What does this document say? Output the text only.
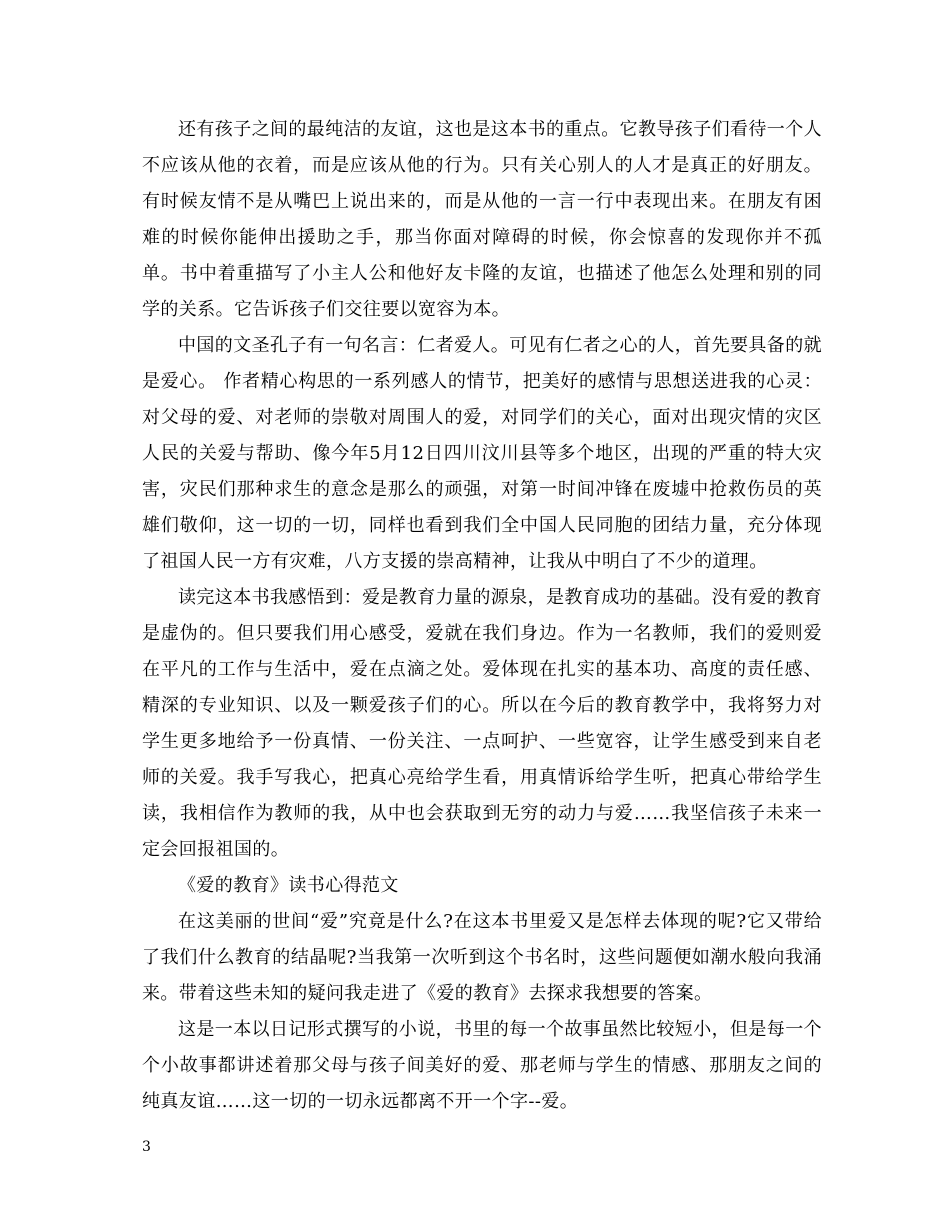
还有孩子之间的最纯洁的友谊，这也是这本书的重点。它教导孩子们看待一个人不应该从他的衣着，而是应该从他的行为。只有关心别人的人才是真正的好朋友。有时候友情不是从嘴巴上说出来的，而是从他的一言一行中表现出来。在朋友有困难的时候你能伸出援助之手，那当你面对障碍的时候，你会惊喜的发现你并不孤单。书中着重描写了小主人公和他好友卡隆的友谊，也描述了他怎么处理和别的同学的关系。它告诉孩子们交往要以宽容为本。

中国的文圣孔子有一句名言：仁者爱人。可见有仁者之心的人，首先要具备的就是爱心。 作者精心构思的一系列感人的情节，把美好的感情与思想送进我的心灵：对父母的爱、对老师的崇敬对周围人的爱，对同学们的关心，面对出现灾情的灾区人民的关爱与帮助、像今年5月12日四川汶川县等多个地区，出现的严重的特大灾害，灾民们那种求生的意念是那么的顽强，对第一时间冲锋在废墟中抢救伤员的英雄们敬仰，这一切的一切，同样也看到我们全中国人民同胞的团结力量，充分体现了祖国人民一方有灾难，八方支援的崇高精神，让我从中明白了不少的道理。

读完这本书我感悟到：爱是教育力量的源泉，是教育成功的基础。没有爱的教育是虚伪的。但只要我们用心感受，爱就在我们身边。作为一名教师，我们的爱则爱在平凡的工作与生活中，爱在点滴之处。爱体现在扎实的基本功、高度的责任感、精深的专业知识、以及一颗爱孩子们的心。所以在今后的教育教学中，我将努力对学生更多地给予一份真情、一份关注、一点呵护、一些宽容，让学生感受到来自老师的关爱。我手写我心，把真心亮给学生看，用真情诉给学生听，把真心带给学生读，我相信作为教师的我，从中也会获取到无穷的动力与爱……我坚信孩子未来一定会回报祖国的。

《爱的教育》读书心得范文

在这美丽的世间“爱”究竟是什么?在这本书里爱又是怎样去体现的呢?它又带给了我们什么教育的结晶呢?当我第一次听到这个书名时，这些问题便如潮水般向我涌来。带着这些未知的疑问我走进了《爱的教育》去探求我想要的答案。

这是一本以日记形式撰写的小说，书里的每一个故事虽然比较短小，但是每一个个小故事都讲述着那父母与孩子间美好的爱、那老师与学生的情感、那朋友之间的纯真友谊……这一切的一切永远都离不开一个字--爱。

3
